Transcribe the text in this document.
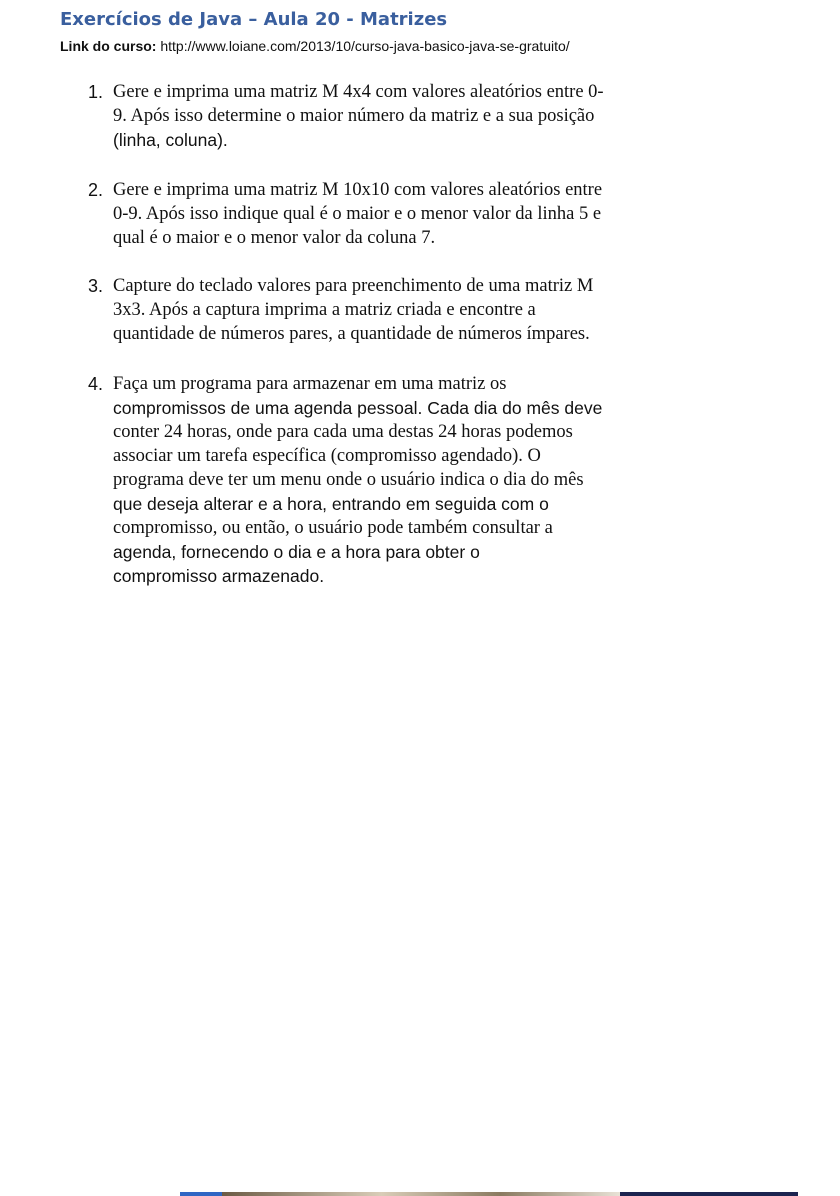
Exercícios de Java – Aula 20 - Matrizes
Link do curso: http://www.loiane.com/2013/10/curso-java-basico-java-se-gratuito/
1. Gere e imprima uma matriz M 4x4 com valores aleatórios entre 0-
9. Após isso determine o maior número da matriz e a sua posição
(linha, coluna).
2. Gere e imprima uma matriz M 10x10 com valores aleatórios entre
0-9. Após isso indique qual é o maior e o menor valor da linha 5 e
qual é o maior e o menor valor da coluna 7.
3. Capture do teclado valores para preenchimento de uma matriz M
3x3. Após a captura imprima a matriz criada e encontre a
quantidade de números pares, a quantidade de números ímpares.
4. Faça um programa para armazenar em uma matriz os
compromissos de uma agenda pessoal. Cada dia do mês deve
conter 24 horas, onde para cada uma destas 24 horas podemos
associar um tarefa específica (compromisso agendado). O
programa deve ter um menu onde o usuário indica o dia do mês
que deseja alterar e a hora, entrando em seguida com o
compromisso, ou então, o usuário pode também consultar a
agenda, fornecendo o dia e a hora para obter o
compromisso armazenado.
